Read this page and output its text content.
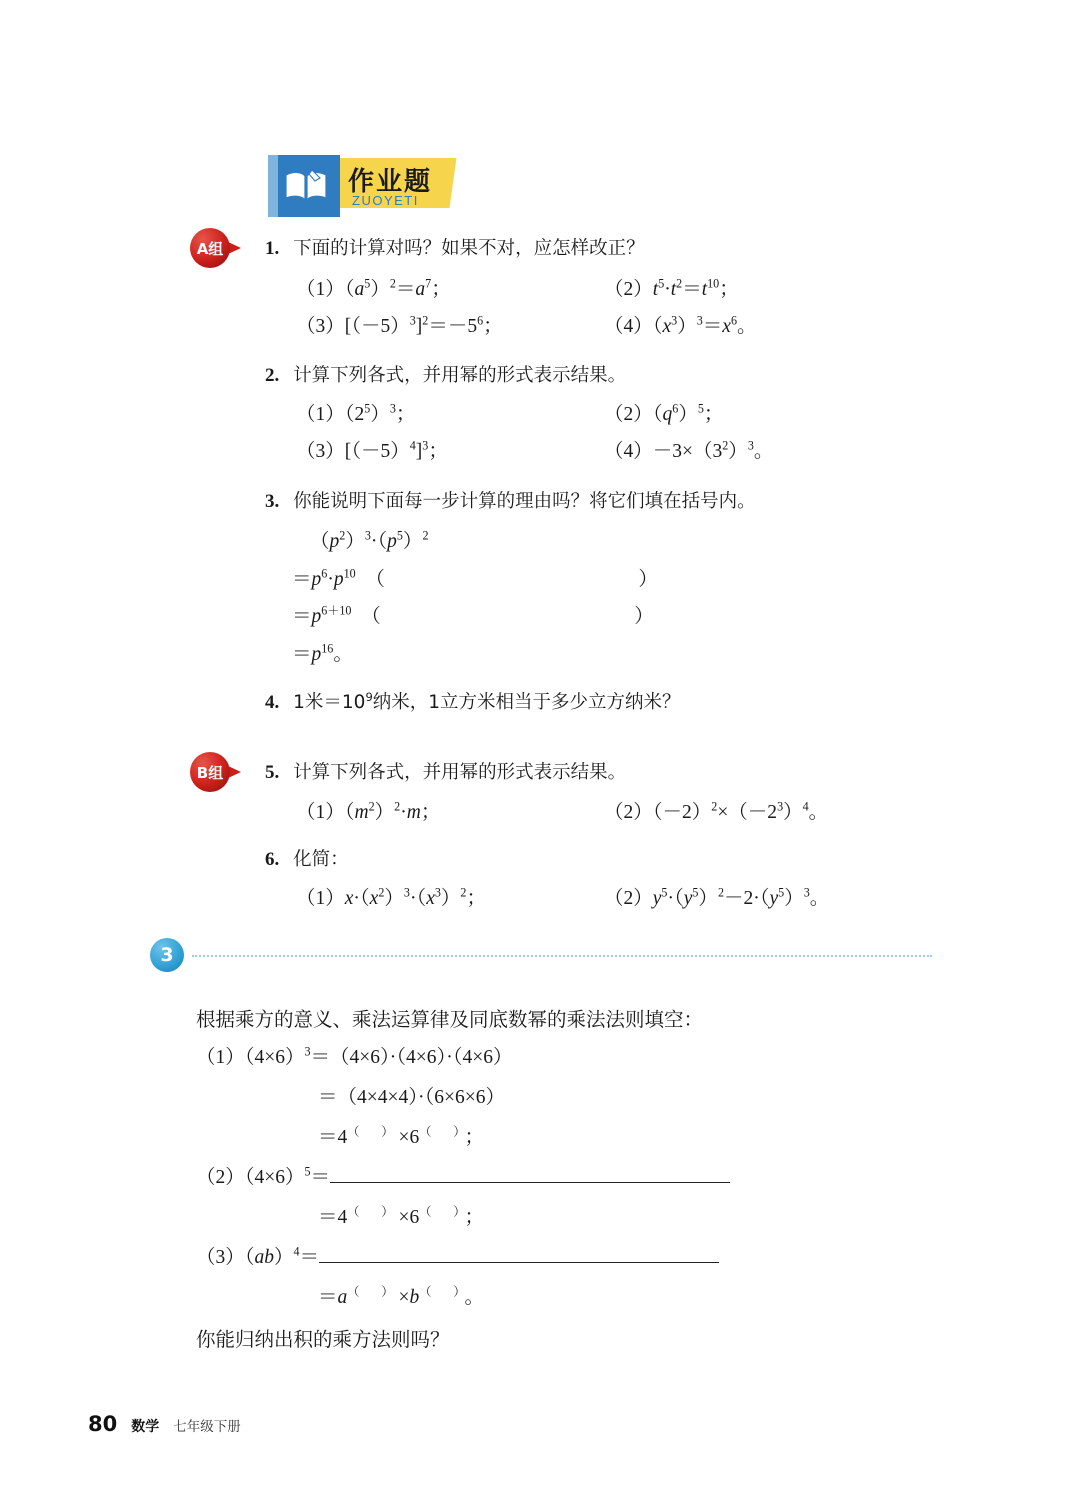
作业题
ZUOYETI
A组	1. 下面的计算对吗？如果不对，应怎样改正？
$(1)(a^5)^2=a^7$；	$(2)t^5\cdot t^2=t^{10}$；
$(3)[(-5)^3]^2=-5^6$；	$(4)(x^3)^3=x^6$。
2. 计算下列各式，并用幂的形式表示结果。
$(1)(2^5)^3$；	$(2)(q^6)^5$；
$(3)[(-5)^4]^3$；	$(4)-3\times(3^2)^3$。
3. 你能说明下面每一步计算的理由吗？将它们填在括号内。
$(p^2)^3\cdot(p^5)^2$
$=p^6\cdot p^{10}$　（　　　　　　　　　　　　　）
$=p^{6+10}$　（　　　　　　　　　　　　　）
$=p^{16}$。
4. 1米$=10^9$纳米，1立方米相当于多少立方纳米？
B组	5. 计算下列各式，并用幂的形式表示结果。
$(1)(m^2)^2\cdot m$；	$(2)(-2)^2\times(-2^3)^4$。
6. 化简：
$(1)x\cdot(x^2)^3\cdot(x^3)^2$；	$(2)y^5\cdot(y^5)^2-2\cdot(y^5)^3$。
3
根据乘方的意义、乘法运算律及同底数幂的乘法法则填空：
$(1)(4\times 6)^3=(4\times 6)\cdot(4\times 6)\cdot(4\times 6)$
＝（4×4×4）·（6×6×6）
＝4（　）×6（　）；
$(2)(4\times 6)^5=$
＝4（　）×6（　）；
（3）（ab）$^4$＝
＝a（　）×b（　）。
你能归纳出积的乘方法则吗？
80 数学 七年级下册
